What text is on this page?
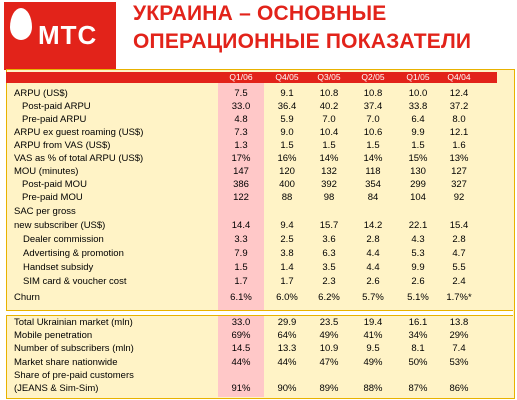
МТС
УКРАИНА – ОСНОВНЫЕ
ОПЕРАЦИОННЫЕ ПОКАЗАТЕЛИ
Q1/06	Q4/05	Q3/05	Q2/05	Q1/05	Q4/04
ARPU (US$)	7.5	9.1	10.8	10.8	10.0	12.4
Post-paid ARPU	33.0	36.4	40.2	37.4	33.8	37.2
Pre-paid ARPU	4.8	5.9	7.0	7.0	6.4	8.0
ARPU ex guest roaming (US$)	7.3	9.0	10.4	10.6	9.9	12.1
ARPU from VAS (US$)	1.3	1.5	1.5	1.5	1.5	1.6
VAS as % of total ARPU (US$)	17%	16%	14%	14%	15%	13%
MOU (minutes)	147	120	132	118	130	127
Post-paid MOU	386	400	392	354	299	327
Pre-paid MOU	122	88	98	84	104	92
SAC per gross
new subscriber (US$)	14.4	9.4	15.7	14.2	22.1	15.4
Dealer commission	3.3	2.5	3.6	2.8	4.3	2.8
Advertising & promotion	7.9	3.8	6.3	4.4	5.3	4.7
Handset subsidy	1.5	1.4	3.5	4.4	9.9	5.5
SIM card & voucher cost	1.7	1.7	2.3	2.6	2.6	2.4
Churn	6.1%	6.0%	6.2%	5.7%	5.1%	1.7%*
Total Ukrainian market (mln)	33.0	29.9	23.5	19.4	16.1	13.8
Mobile penetration	69%	64%	49%	41%	34%	29%
Number of subscribers (mln)	14.5	13.3	10.9	9.5	8.1	7.4
Market share nationwide	44%	44%	47%	49%	50%	53%
Share of pre-paid customers
(JEANS & Sim-Sim)	91%	90%	89%	88%	87%	86%
